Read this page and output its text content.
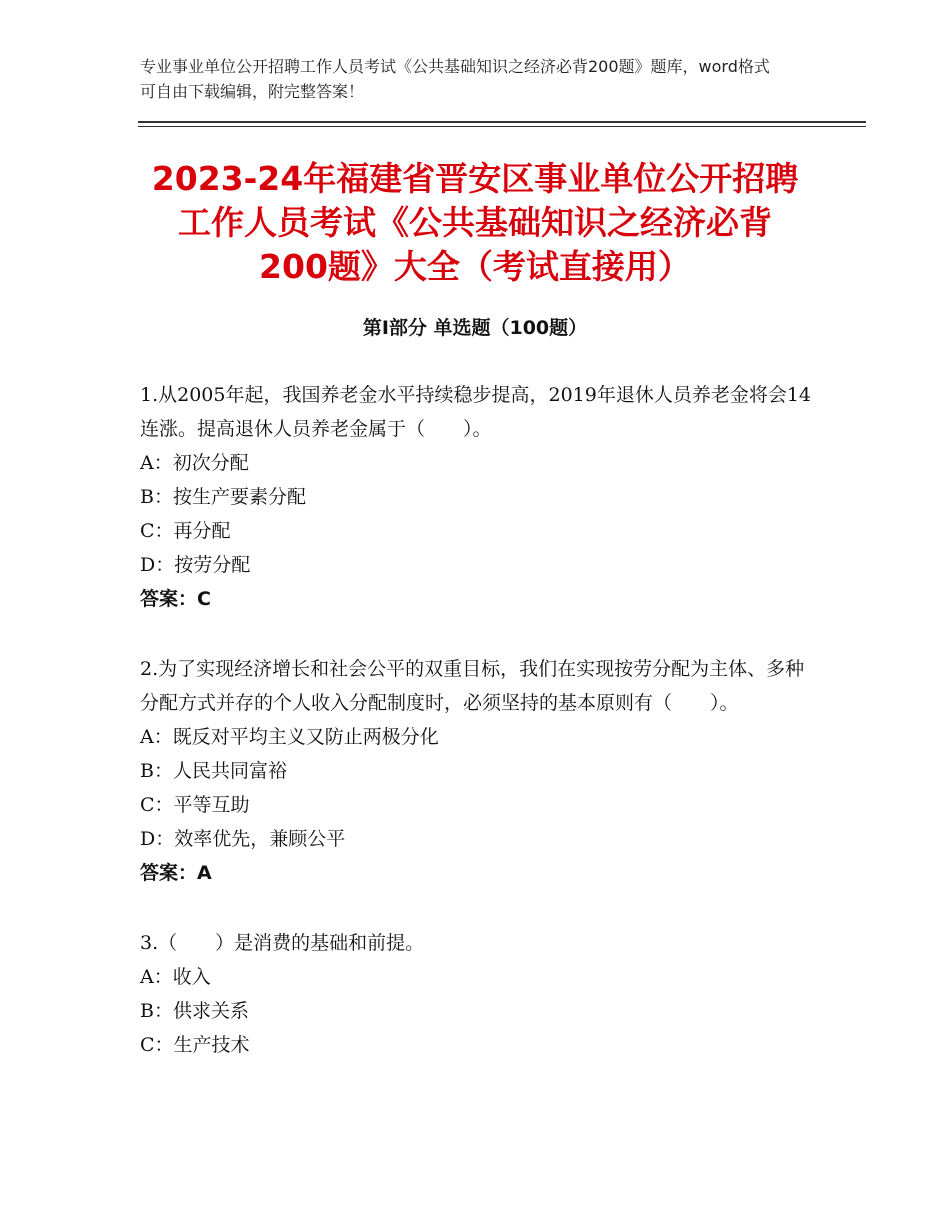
专业事业单位公开招聘工作人员考试《公共基础知识之经济必背200题》题库，word格式可自由下载编辑，附完整答案！
2023-24年福建省晋安区事业单位公开招聘
工作人员考试《公共基础知识之经济必背
200题》大全（考试直接用）
第Ⅰ部分 单选题（100题）

1.从2005年起，我国养老金水平持续稳步提高，2019年退休人员养老金将会14连涨。提高退休人员养老金属于（　　）。

A：初次分配

B：按生产要素分配

C：再分配

D：按劳分配

答案：C

2.为了实现经济增长和社会公平的双重目标，我们在实现按劳分配为主体、多种分配方式并存的个人收入分配制度时，必须坚持的基本原则有（　　）。

A：既反对平均主义又防止两极分化

B：人民共同富裕

C：平等互助

D：效率优先，兼顾公平

答案：A

3.（　　）是消费的基础和前提。

A：收入

B：供求关系

C：生产技术
